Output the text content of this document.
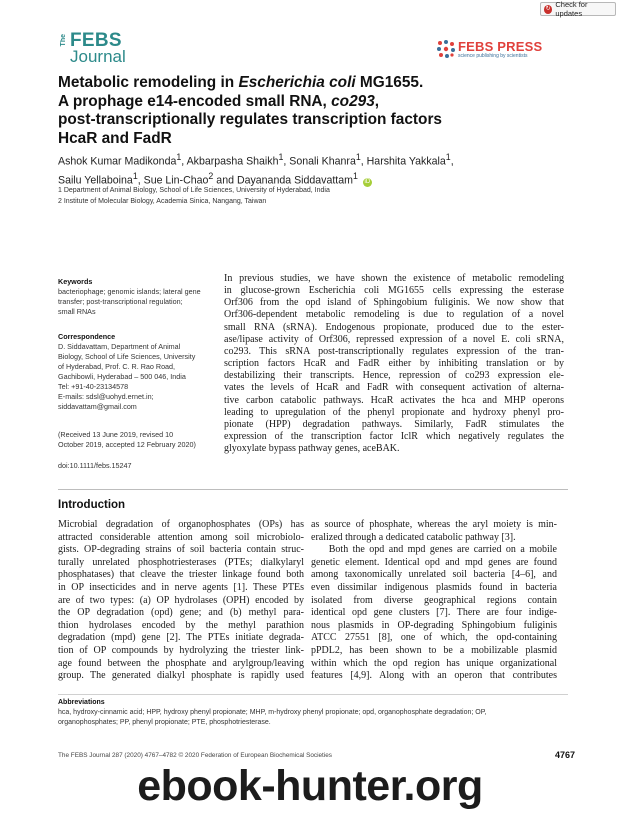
↻ Check for updates
The FEBS
Journal
FEBS PRESS
science publishing by scientists
Metabolic remodeling in Escherichia coli MG1655.
A prophage e14-encoded small RNA, co293,
post-transcriptionally regulates transcription factors
HcaR and FadR
Ashok Kumar Madikonda$^1$, Akbarpasha Shaikh$^1$, Sonali Khanra$^1$, Harshita Yakkala$^1$,
Sailu Yellaboina$^1$, Sue Lin-Chao$^2$ and Dayananda Siddavattam$^1$ iD
1 Department of Animal Biology, School of Life Sciences, University of Hyderabad, India
2 Institute of Molecular Biology, Academia Sinica, Nangang, Taiwan
Keywords
bacteriophage; genomic islands; lateral gene
transfer; post-transcriptional regulation;
small RNAs
Correspondence
D. Siddavattam, Department of Animal
Biology, School of Life Sciences, University
of Hyderabad, Prof. C. R. Rao Road,
Gachibowli, Hyderabad – 500 046, India
Tel: +91-40-23134578
E-mails: sdsl@uohyd.ernet.in;
siddavattam@gmail.com
(Received 13 June 2019, revised 10
October 2019, accepted 12 February 2020)
doi:10.1111/febs.15247
In previous studies, we have shown the existence of metabolic remodeling
in glucose-grown Escherichia coli MG1655 cells expressing the esterase
Orf306 from the opd island of Sphingobium fuliginis. We now show that
Orf306-dependent metabolic remodeling is due to regulation of a novel
small RNA (sRNA). Endogenous propionate, produced due to the ester-
ase/lipase activity of Orf306, repressed expression of a novel E. coli sRNA,
co293. This sRNA post-transcriptionally regulates expression of the tran-
scription factors HcaR and FadR either by inhibiting translation or by
destabilizing their transcripts. Hence, repression of co293 expression ele-
vates the levels of HcaR and FadR with consequent activation of alterna-
tive carbon catabolic pathways. HcaR activates the hca and MHP operons
leading to upregulation of the phenyl propionate and hydroxy phenyl pro-
pionate (HPP) degradation pathways. Similarly, FadR stimulates the
expression of the transcription factor IclR which negatively regulates the
glyoxylate bypass pathway genes, aceBAK.
Introduction
Microbial degradation of organophosphates (OPs) has
attracted considerable attention among soil microbiolo-
gists. OP-degrading strains of soil bacteria contain struc-
turally unrelated phosphotriesterases (PTEs; dialkylaryl
phosphatases) that cleave the triester linkage found both
in OP insecticides and in nerve agents [1]. These PTEs
are of two types: (a) OP hydrolases (OPH) encoded by
the OP degradation (opd) gene; and (b) methyl para-
thion hydrolases encoded by the methyl parathion
degradation (mpd) gene [2]. The PTEs initiate degrada-
tion of OP compounds by hydrolyzing the triester link-
age found between the phosphate and arylgroup/leaving
group. The generated dialkyl phosphate is rapidly used
as source of phosphate, whereas the aryl moiety is min-
eralized through a dedicated catabolic pathway [3].
Both the opd and mpd genes are carried on a mobile
genetic element. Identical opd and mpd genes are found
among taxonomically unrelated soil bacteria [4–6], and
even dissimilar indigenous plasmids found in bacteria
isolated from diverse geographical regions contain
identical opd gene clusters [7]. There are four indige-
nous plasmids in OP-degrading Sphingobium fuliginis
ATCC 27551 [8], one of which, the opd-containing
pPDL2, has been shown to be a mobilizable plasmid
within which the opd region has unique organizational
features [4,9]. Along with an operon that contributes
Abbreviations
hca, hydroxy-cinnamic acid; HPP, hydroxy phenyl propionate; MHP, m-hydroxy phenyl propionate; opd, organophosphate degradation; OP,
organophosphates; PP, phenyl propionate; PTE, phosphotriesterase.
The FEBS Journal 287 (2020) 4767–4782 © 2020 Federation of European Biochemical Societies	4767
ebook-hunter.org
